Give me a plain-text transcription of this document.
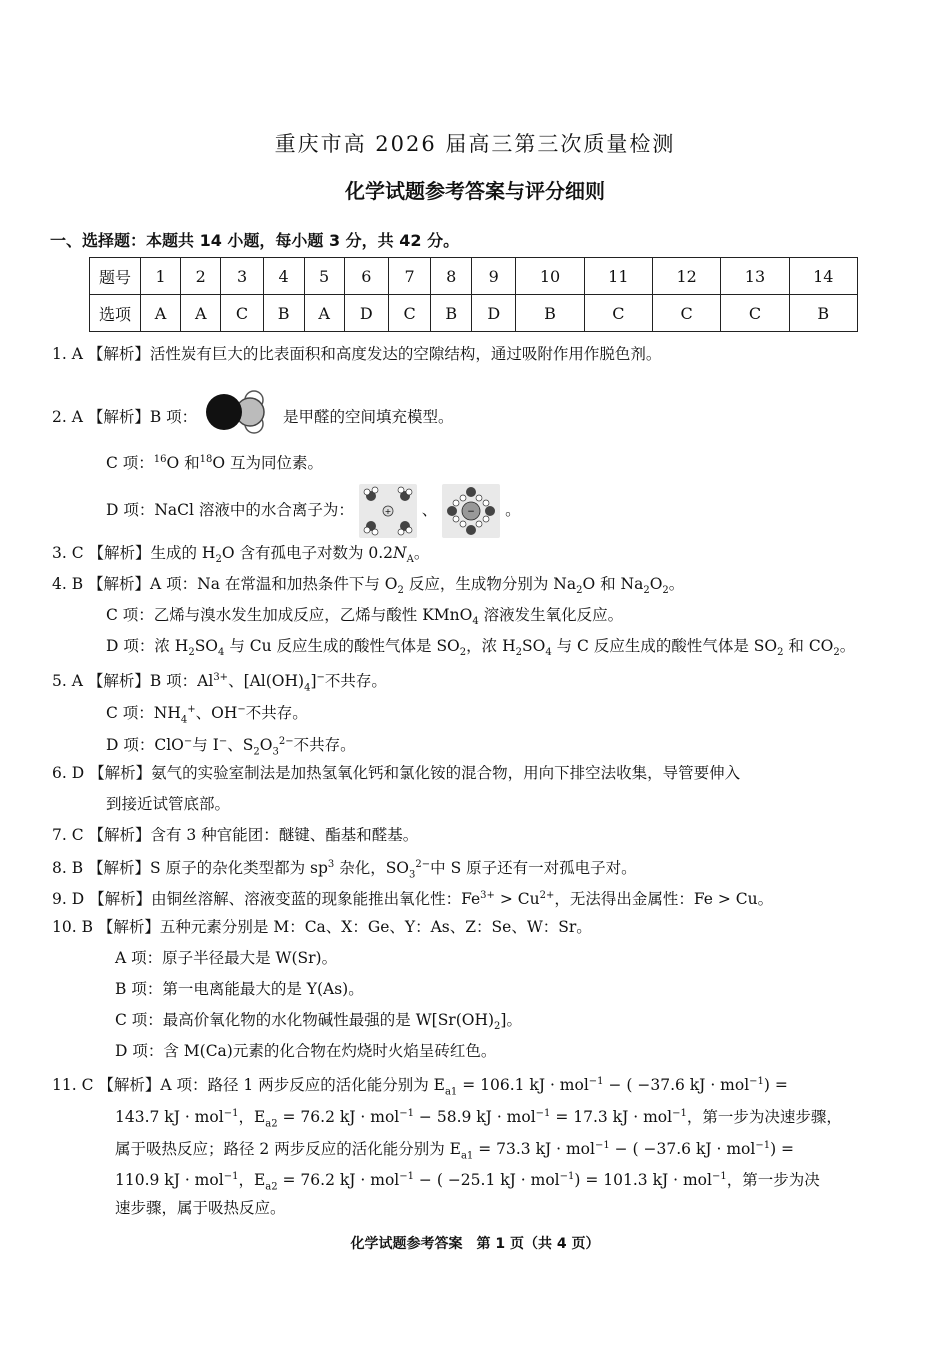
重庆市高 2026 届高三第三次质量检测
化学试题参考答案与评分细则
一、选择题：本题共 14 小题，每小题 3 分，共 42 分。
题号	1	2	3	4	5	6	7	8	9	10	11	12	13	14
选项	A	A	C	B	A	D	C	B	D	B	C	C	C	B
1. A 【解析】活性炭有巨大的比表面积和高度发达的空隙结构，通过吸附作用作脱色剂。
2. A 【解析】B 项：	是甲醛的空间填充模型。
C 项：$^{16}$O 和$^{18}$O 互为同位素。
D 项：NaCl 溶液中的水合离子为：	+ 、	− 。
3. C 【解析】生成的 $H_2O$ 含有孤电子对数为 $0.2N_A$。
4. B 【解析】A 项：Na 在常温和加热条件下与 $O_2$ 反应，生成物分别为 $Na_2O$ 和 $Na_2O_2$。
C 项：乙烯与溴水发生加成反应，乙烯与酸性 KMnO$_4$ 溶液发生氧化反应。
D 项：浓 $H_2SO_4$ 与 Cu 反应生成的酸性气体是 $SO_2$，浓 $H_2SO_4$ 与 C 反应生成的酸性气体是 $SO_2$ 和 $CO_2$。
5. A 【解析】B 项：$Al^{3+}$、$[Al(OH)_4]^-$不共存。
C 项：$NH_4^+$、OH−不共存。
D 项：ClO−与 I−、$S_2O_3^{2-}$不共存。
6. D 【解析】氨气的实验室制法是加热氢氧化钙和氯化铵的混合物，用向下排空法收集，导管要伸入
到接近试管底部。
7. C 【解析】含有 3 种官能团：醚键、酯基和醛基。
8. B 【解析】S 原子的杂化类型都为 $sp^3$ 杂化，$SO_3^{2-}$中 S 原子还有一对孤电子对。
9. D 【解析】由铜丝溶解、溶液变蓝的现象能推出氧化性：$Fe^{3+} > Cu^{2+}$，无法得出金属性：Fe > Cu。
10. B 【解析】五种元素分别是 M：Ca、X：Ge、Y：As、Z：Se、W：Sr。
A 项：原子半径最大是 W(Sr)。
B 项：第一电离能最大的是 Y(As)。
C 项：最高价氧化物的水化物碱性最强的是 $W[Sr(OH)_2]$。
D 项：含 M(Ca)元素的化合物在灼烧时火焰呈砖红色。
11. C 【解析】A 项：路径 1 两步反应的活化能分别为 $E_{a1} = 106.1$ kJ · mol$^{-1}$ − ( −37.6 kJ · mol$^{-1}$) =
143.7 kJ · mol$^{-1}$，$E_{a2} = 76.2$ kJ · mol$^{-1}$ − 58.9 kJ · mol$^{-1}$ = 17.3 kJ · mol$^{-1}$，第一步为决速步骤，
属于吸热反应；路径 2 两步反应的活化能分别为 $E_{a1} = 73.3$ kJ · mol$^{-1}$ − ( −37.6 kJ · mol$^{-1}$) =
110.9 kJ · mol$^{-1}$，$E_{a2} = 76.2$ kJ · mol$^{-1}$ − ( −25.1 kJ · mol$^{-1}$) = 101.3 kJ · mol$^{-1}$，第一步为决
速步骤，属于吸热反应。
化学试题参考答案　第 1 页（共 4 页）
